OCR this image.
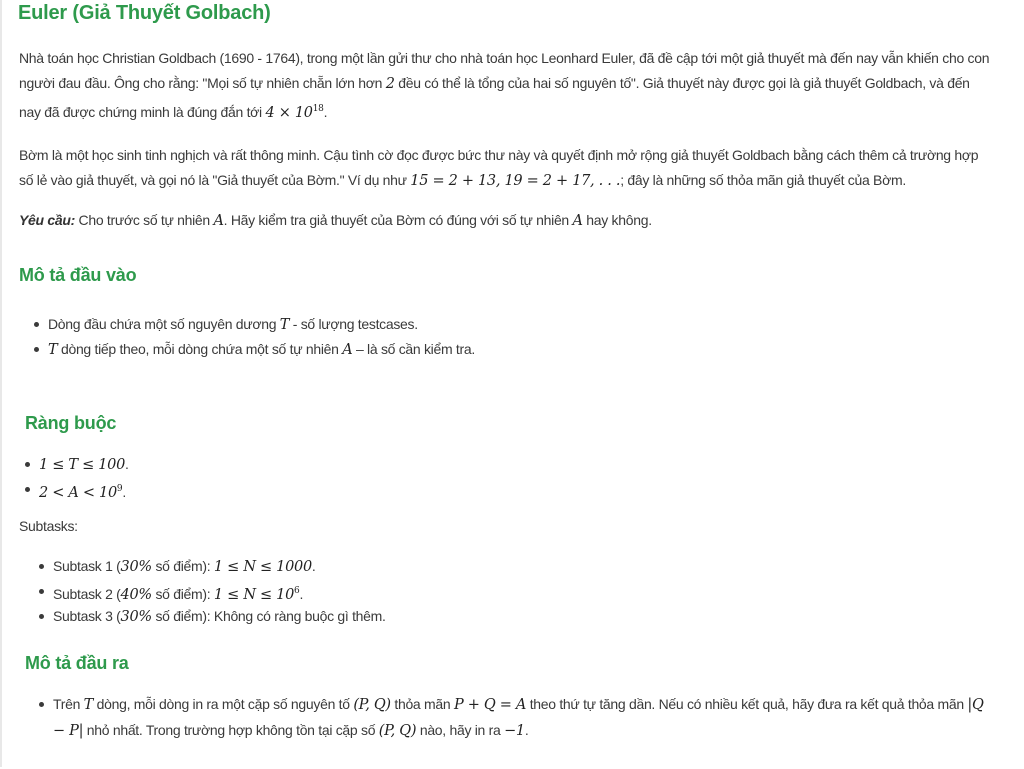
Euler (Giả Thuyết Golbach)
Nhà toán học Christian Goldbach (1690 - 1764), trong một lần gửi thư cho nhà toán học Leonhard Euler, đã đề cập tới một giả thuyết mà đến nay vẫn khiến cho con người đau đầu. Ông cho rằng: "Mọi số tự nhiên chẵn lớn hơn 2 đều có thể là tổng của hai số nguyên tố". Giả thuyết này được gọi là giả thuyết Goldbach, và đến nay đã được chứng minh là đúng đắn tới $4 \times 10^{18}$.
Bờm là một học sinh tinh nghịch và rất thông minh. Cậu tình cờ đọc được bức thư này và quyết định mở rộng giả thuyết Goldbach bằng cách thêm cả trường hợp số lẻ vào giả thuyết, và gọi nó là "Giả thuyết của Bờm." Ví dụ như 15 = 2 + 13, 19 = 2 + 17, . . .; đây là những số thỏa mãn giả thuyết của Bờm.
Yêu cầu: Cho trước số tự nhiên A. Hãy kiểm tra giả thuyết của Bờm có đúng với số tự nhiên A hay không.
Mô tả đầu vào
Dòng đầu chứa một số nguyên dương T - số lượng testcases.
T dòng tiếp theo, mỗi dòng chứa một số tự nhiên A – là số cần kiểm tra.
Ràng buộc
1 ≤ T ≤ 100.
$2 < A < 10^9$.
Subtasks:
Subtask 1 (30% số điểm): 1 ≤ N ≤ 1000.
Subtask 2 (40% số điểm): $1 \le N \le 10^6$.
Subtask 3 (30% số điểm): Không có ràng buộc gì thêm.
Mô tả đầu ra
Trên T dòng, mỗi dòng in ra một cặp số nguyên tố (P, Q) thỏa mãn P + Q = A theo thứ tự tăng dần. Nếu có nhiều kết quả, hãy đưa ra kết quả thỏa mãn |Q − P| nhỏ nhất. Trong trường hợp không tồn tại cặp số (P, Q) nào, hãy in ra −1.
